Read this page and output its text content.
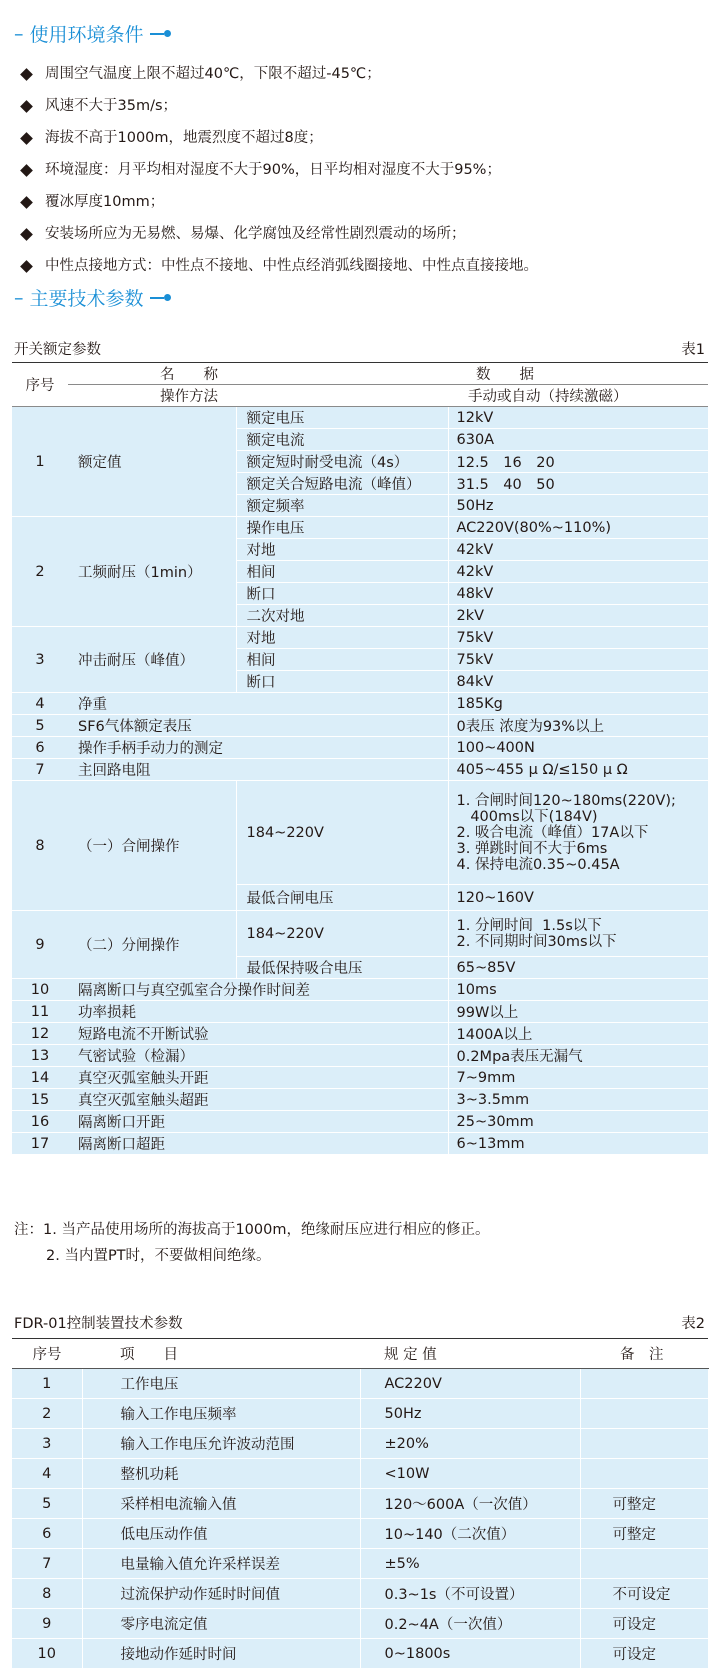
– 使用环境条件
周围空气温度上限不超过40℃，下限不超过-45℃；
风速不大于35m/s；
海拔不高于1000m，地震烈度不超过8度；
环境湿度：月平均相对湿度不大于90%，日平均相对湿度不大于95%；
覆冰厚度10mm；
安装场所应为无易燃、易爆、化学腐蚀及经常性剧烈震动的场所；
中性点接地方式：中性点不接地、中性点经消弧线圈接地、中性点直接接地。
– 主要技术参数
开关额定参数	表1
序号	名　　称		数　　据
	操作方法		手动或自动（持续激磁）
1	额定值	额定电压	12kV
		额定电流	630A
		额定短时耐受电流（4s）	12.5　16　20
		额定关合短路电流（峰值）	31.5　40　50
		额定频率	50Hz
2	工频耐压（1min）	操作电压	AC220V(80%~110%)
		对地	42kV
		相间	42kV
		断口	48kV
		二次对地	2kV
3	冲击耐压（峰值）	对地	75kV
		相间	75kV
		断口	84kV
4	净重		185Kg
5	SF6气体额定表压		0表压 浓度为93%以上
6	操作手柄手动力的测定		100~400N
7	主回路电阻		405~455 μ Ω/≤150 μ Ω
8	（一）合闸操作	184~220V	1. 合闸时间120~180ms(220V);
400ms以下(184V)
2. 吸合电流（峰值）17A以下
3. 弹跳时间不大于6ms
4. 保持电流0.35~0.45A

		最低合闸电压	120~160V
9	（二）分闸操作	184~220V	1. 分闸时间  1.5s以下
2. 不同期时间30ms以下

		最低保持吸合电压	65~85V
10	隔离断口与真空弧室合分操作时间差		10ms
11	功率损耗		99W以上
12	短路电流不开断试验		1400A以上
13	气密试验（检漏）		0.2Mpa表压无漏气
14	真空灭弧室触头开距		7~9mm
15	真空灭弧室触头超距		3~3.5mm
16	隔离断口开距		25~30mm
17	隔离断口超距		6~13mm
注：1. 当产品使用场所的海拔高于1000m，绝缘耐压应进行相应的修正。
2. 当内置PT时，不要做相间绝缘。
FDR-01控制装置技术参数	表2
序号	项　　目	规 定 值	备　注
1	工作电压	AC220V	
2	输入工作电压频率	50Hz	
3	输入工作电压允许波动范围	±20%	
4	整机功耗	<10W	
5	采样相电流输入值	120～600A（一次值）	可整定
6	低电压动作值	10~140（二次值）	可整定
7	电量输入值允许采样误差	±5%	
8	过流保护动作延时时间值	0.3~1s（不可设置）	不可设定
9	零序电流定值	0.2~4A（一次值）	可设定
10	接地动作延时时间	0~1800s	可设定
